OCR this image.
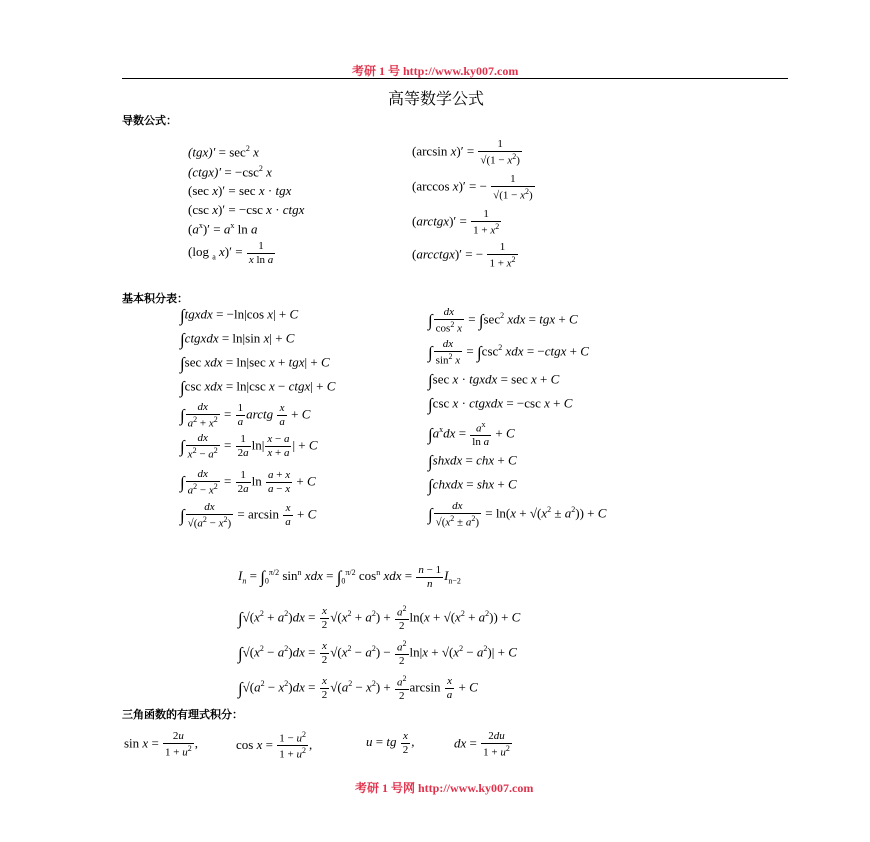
考研 1 号 http://www.ky007.com
高等数学公式
导数公式：
$(tgx)' = \sec^2 x$
(ctgx)′ = $-\csc^2$ x
(sec x)′ = sec x · tgx
(csc x)′ = −csc x · ctgx
$(a^x)' = a^x$ ln a
(log $_a$ $x)' = \frac{1}{\text{x ln a}}$
(arcsin $x)' = \frac{1}{√(1 - x^2)}$
(arccos x)′ = − $\frac{1}{√(1 - x^2)}$
(arctgx)′ = $\frac{1}{1 + x^2}$
(arcctgx)′ = − $\frac{1}{1 + x^2}$
基本积分表：
∫tgxdx = −ln|cos x| + C
∫ctgxdx = ln|sin x| + C
∫sec xdx = ln|sec x + tgx| + C
∫csc xdx = ln|csc x − ctgx| + C
∫ $\frac{dx}{a^2 + x^2} = \frac{1}{a}$ arctg $\frac{x}{a} + C$
∫ $\frac{dx}{x^2 - a^2} = \frac{1}{2a} \ln| \frac{x - a}{x + a}$ | + C
∫ $\frac{dx}{a^2 - x^2} = \frac{1}{2a}$ $\ln \frac{a + x}{a - x} + C$
∫ $\frac{dx}{√(a^2 - x^2)} = \arcsin \frac{x}{a} + C$
∫ $\frac{dx}{\cos^2 x} = \int\sec^2$ xdx = tgx + C
∫ $\frac{dx}{\sin^2 x} = \int\csc^2$ xdx = −ctgx + C
∫sec x · tgxdx = sec x + C
∫csc x · ctgxdx = −csc x + C
$\int a^xdx = \frac{a^x}{\text{ln a}} + C$
∫shxdx = chx + C
∫chxdx = shx + C
∫ $\frac{dx}{√(x^2 \pm a^2)} = \ln(x + √(x^2 \pm a^2)) + C$
$I_n = \int_0^{\pi/2}$ $\sin^n$ xdx = $\int_0^{\pi/2}$ $\cos^n$ xdx = $\frac{n - 1}{n} I_{n-2}$
$\int√(x^2 + a^2)dx = \frac{x}{2} √(x^2 + a^2) + \frac{a^2}{2} \ln(x + √(x^2 + a^2)) + C$
$\int√(x^2 - a^2)dx = \frac{x}{2} √(x^2 - a^2) - \frac{a^2}{2} \ln|x + √(x^2 - a^2)| + C$
$\int√(a^2 - x^2)dx = \frac{x}{2} √(a^2 - x^2) + \frac{a^2}{2}$ $\arcsin \frac{x}{a} + C$
三角函数的有理式积分：
$\sin x = \frac{2u}{1 + u^2}$ ,	$\cos x = \frac{1 - u^2}{1 + u^2}$ ,	u = tg $\frac{x}{2}$ ,	dx = $\frac{2du}{1 + u^2}$
考研 1 号网 http://www.ky007.com
